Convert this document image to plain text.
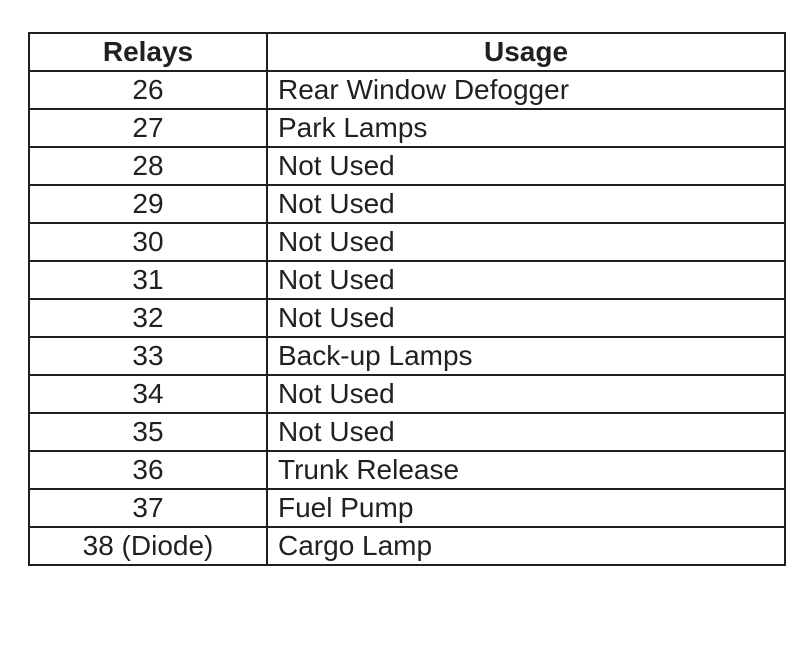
Relays	Usage
26	Rear Window Defogger
27	Park Lamps
28	Not Used
29	Not Used
30	Not Used
31	Not Used
32	Not Used
33	Back-up Lamps
34	Not Used
35	Not Used
36	Trunk Release
37	Fuel Pump
38 (Diode)	Cargo Lamp
